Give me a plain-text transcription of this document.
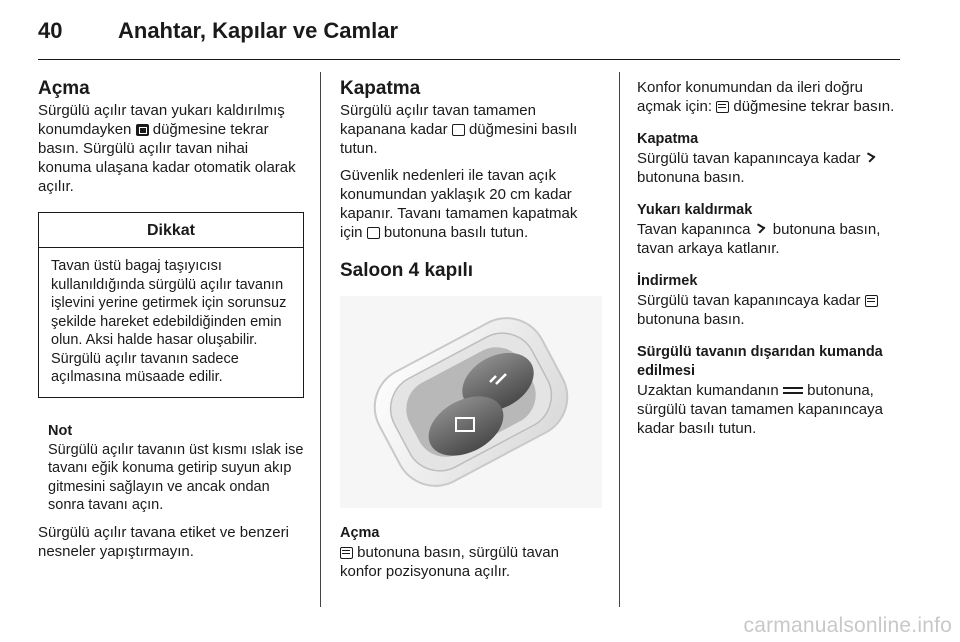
40	Anahtar, Kapılar ve Camlar
Açma

Sürgülü açılır tavan yukarı kaldırılmış konumdayken düğmesine tekrar basın. Sürgülü açılır tavan nihai konuma ulaşana kadar otomatik olarak açılır.

Dikkat
Tavan üstü bagaj taşıyıcısı kullanıldığında sürgülü açılır tavanın işlevini yerine getirmek için sorunsuz şekilde hareket edebildiğinden emin olun. Aksi halde hasar oluşabilir. Sürgülü açılır tavanın sadece açılmasına müsaade edilir.
Not

Sürgülü açılır tavanın üst kısmı ıslak ise tavanı eğik konuma getirip suyun akıp gitmesini sağlayın ve ancak ondan sonra tavanı açın.

Sürgülü açılır tavana etiket ve benzeri nesneler yapıştırmayın.

Kapatma

Sürgülü açılır tavan tamamen kapanana kadar düğmesini basılı tutun.

Güvenlik nedenleri ile tavan açık konumundan yaklaşık 20 cm kadar kapanır. Tavanı tamamen kapatmak için butonuna basılı tutun.

Saloon 4 kapılı
Açma

butonuna basın, sürgülü tavan konfor pozisyonuna açılır.

Konfor konumundan da ileri doğru açmak için: düğmesine tekrar basın.

Kapatma

Sürgülü tavan kapanıncaya kadar  butonuna basın.

Yukarı kaldırmak

Tavan kapanınca butonuna basın, tavan arkaya katlanır.

İndirmek

Sürgülü tavan kapanıncaya kadar  butonuna basın.

Sürgülü tavanın dışarıdan kumanda edilmesi

Uzaktan kumandanın butonuna, sürgülü tavan tamamen kapanıncaya kadar basılı tutun.

carmanualsonline.info
